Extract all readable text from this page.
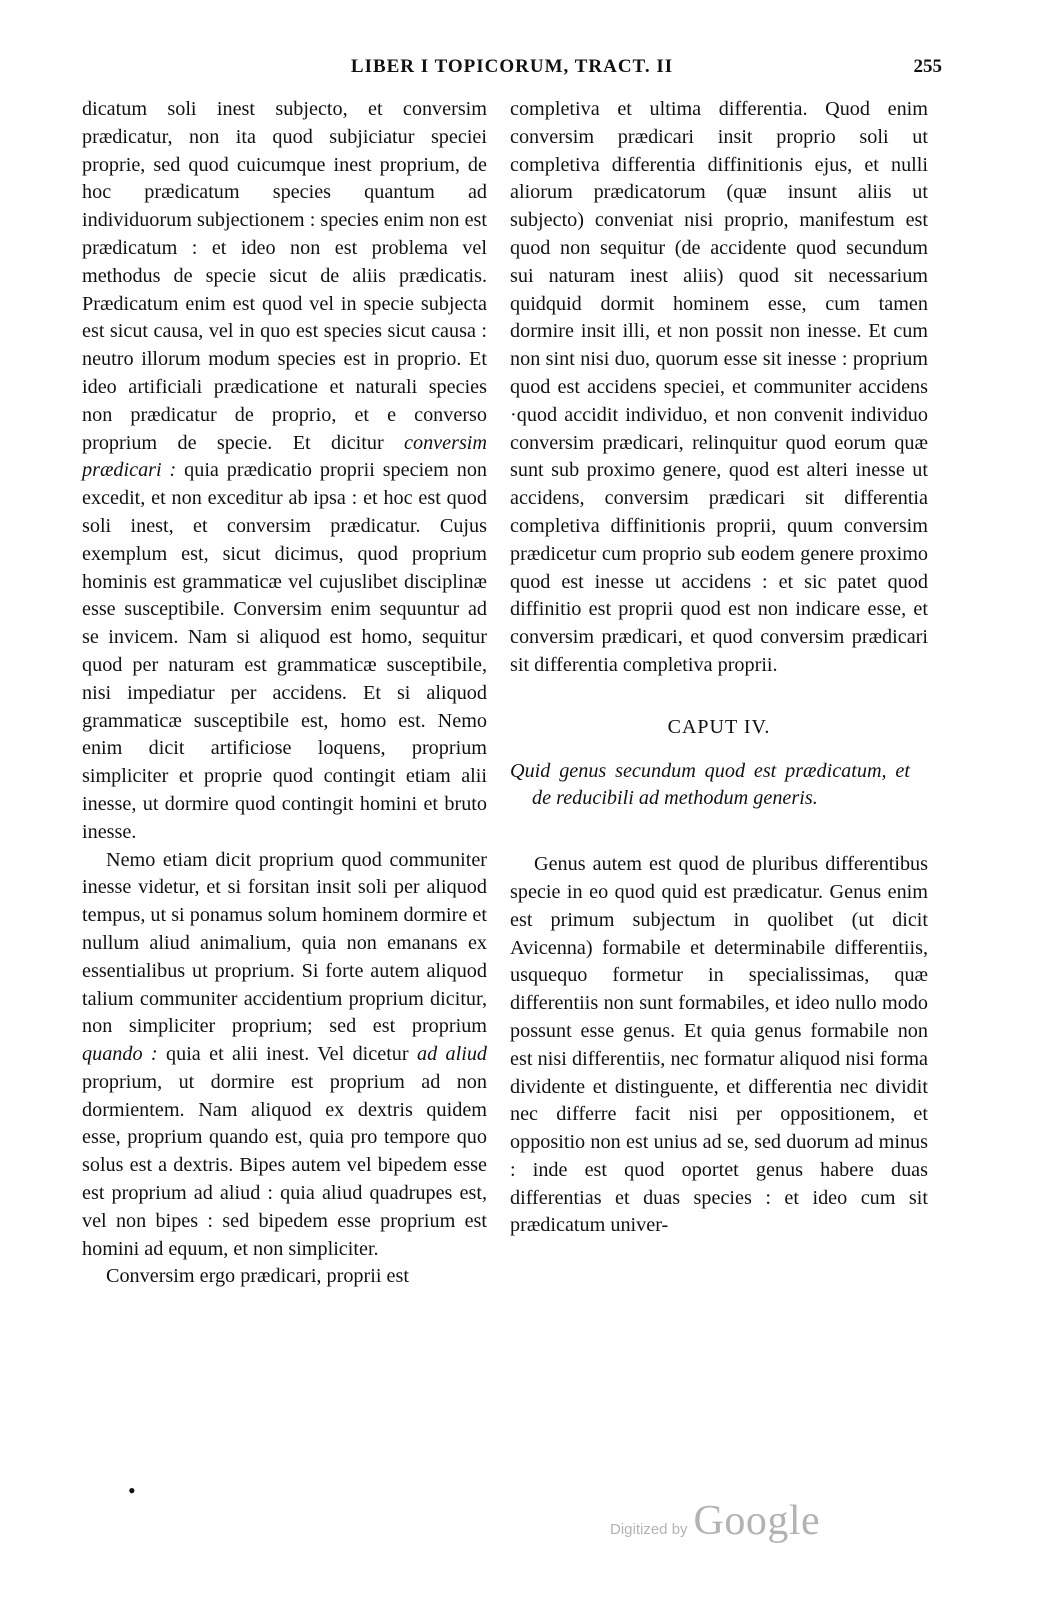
LIBER I TOPICORUM, TRACT. II	255

dicatum soli inest subjecto, et conversim prædicatur, non ita quod subjiciatur speciei proprie, sed quod cuicumque inest proprium, de hoc prædicatum species quantum ad individuorum subjectionem : species enim non est prædicatum : et ideo non est problema vel methodus de specie sicut de aliis prædicatis. Prædicatum enim est quod vel in specie subjecta est sicut causa, vel in quo est species sicut causa : neutro illorum modum species est in proprio. Et ideo artificiali prædicatione et naturali species non prædicatur de proprio, et e converso proprium de specie. Et dicitur conversim prædicari : quia prædicatio proprii speciem non excedit, et non exceditur ab ipsa : et hoc est quod soli inest, et conversim prædicatur. Cujus exemplum est, sicut dicimus, quod proprium hominis est grammaticæ vel cujuslibet disciplinæ esse susceptibile. Conversim enim sequuntur ad se invicem. Nam si aliquod est homo, sequitur quod per naturam est grammaticæ susceptibile, nisi impediatur per accidens. Et si aliquod grammaticæ susceptibile est, homo est. Nemo enim dicit artificiose loquens, proprium simpliciter et proprie quod contingit etiam alii inesse, ut dormire quod contingit homini et bruto inesse.

Nemo etiam dicit proprium quod communiter inesse videtur, et si forsitan insit soli per aliquod tempus, ut si ponamus solum hominem dormire et nullum aliud animalium, quia non emanans ex essentialibus ut proprium. Si forte autem aliquod talium communiter accidentium proprium dicitur, non simpliciter proprium; sed est proprium quando : quia et alii inest. Vel dicetur ad aliud proprium, ut dormire est proprium ad non dormientem. Nam aliquod ex dextris quidem esse, proprium quando est, quia pro tempore quo solus est a dextris. Bipes autem vel bipedem esse est proprium ad aliud : quia aliud quadrupes est, vel non bipes : sed bipedem esse proprium est homini ad equum, et non simpliciter.

Conversim ergo prædicari, proprii est

completiva et ultima differentia. Quod enim conversim prædicari insit proprio soli ut completiva differentia diffinitionis ejus, et nulli aliorum prædicatorum (quæ insunt aliis ut subjecto) conveniat nisi proprio, manifestum est quod non sequitur (de accidente quod secundum sui naturam inest aliis) quod sit necessarium quidquid dormit hominem esse, cum tamen dormire insit illi, et non possit non inesse. Et cum non sint nisi duo, quorum esse sit inesse : proprium quod est accidens speciei, et communiter accidens ·quod accidit individuo, et non convenit individuo conversim prædicari, relinquitur quod eorum quæ sunt sub proximo genere, quod est alteri inesse ut accidens, conversim prædicari sit differentia completiva diffinitionis proprii, quum conversim prædicetur cum proprio sub eodem genere proximo quod est inesse ut accidens : et sic patet quod diffinitio est proprii quod est non indicare esse, et conversim prædicari, et quod conversim prædicari sit differentia completiva proprii.

CAPUT IV.

Quid genus secundum quod est prædicatum, et de reducibili ad methodum generis.

Genus autem est quod de pluribus differentibus specie in eo quod quid est prædicatur. Genus enim est primum subjectum in quolibet (ut dicit Avicenna) formabile et determinabile differentiis, usquequo formetur in specialissimas, quæ differentiis non sunt formabiles, et ideo nullo modo possunt esse genus. Et quia genus formabile non est nisi differentiis, nec formatur aliquod nisi forma dividente et distinguente, et differentia nec dividit nec differre facit nisi per oppositionem, et oppositio non est unius ad se, sed duorum ad minus : inde est quod oportet genus habere duas differentias et duas species : et ideo cum sit prædicatum univer-

•
Digitized by Google
